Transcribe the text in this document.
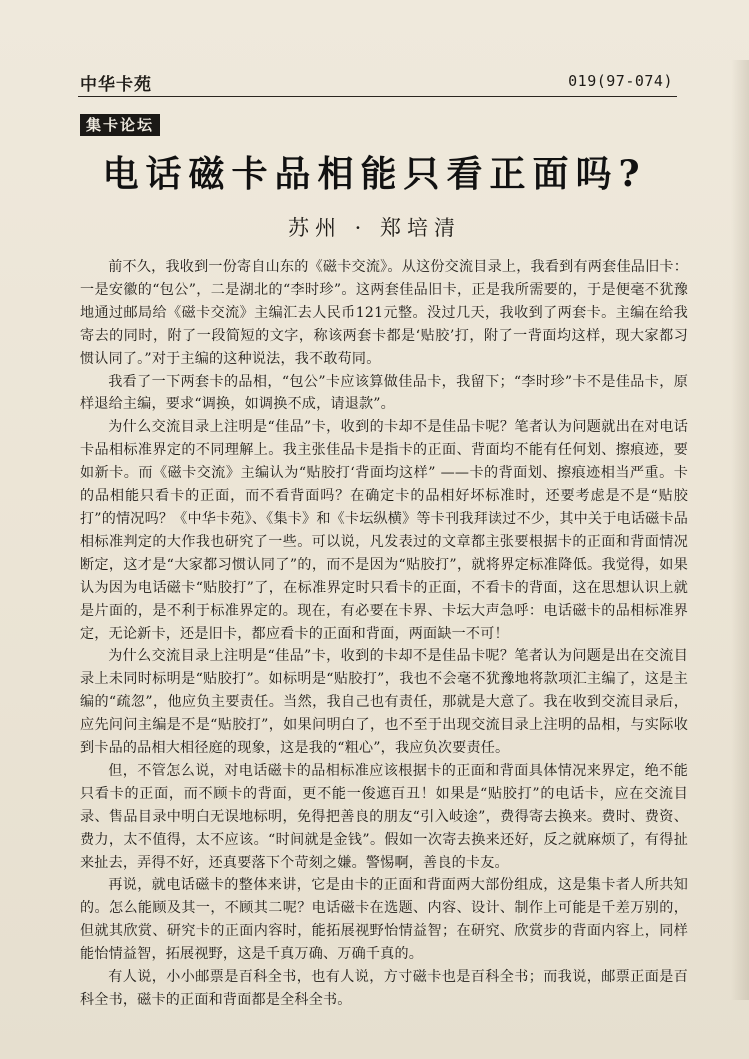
中华卡苑	019(97-074)
集卡论坛
电话磁卡品相能只看正面吗?
苏州 · 郑培清

前不久，我收到一份寄自山东的《磁卡交流》。从这份交流目录上，我看到有两套佳品旧卡：一是安徽的“包公”，二是湖北的“李时珍”。这两套佳品旧卡，正是我所需要的，于是便毫不犹豫地通过邮局给《磁卡交流》主编汇去人民币121元整。没过几天，我收到了两套卡。主编在给我寄去的同时，附了一段简短的文字，称该两套卡都是‘贴胶’打，附了一背面均这样，现大家都习惯认同了。”对于主编的这种说法，我不敢苟同。

我看了一下两套卡的品相，“包公”卡应该算做佳品卡，我留下；“李时珍”卡不是佳品卡，原样退给主编，要求“调换，如调换不成，请退款”。

为什么交流目录上注明是“佳品”卡，收到的卡却不是佳品卡呢？笔者认为问题就出在对电话卡品相标准界定的不同理解上。我主张佳品卡是指卡的正面、背面均不能有任何划、擦痕迹，要如新卡。而《磁卡交流》主编认为“贴胶打‘背面均这样” ——卡的背面划、擦痕迹相当严重。卡的品相能只看卡的正面，而不看背面吗？在确定卡的品相好坏标准时，还要考虑是不是“贴胶打”的情况吗？《中华卡苑》、《集卡》和《卡坛纵横》等卡刊我拜读过不少，其中关于电话磁卡品相标准判定的大作我也研究了一些。可以说，凡发表过的文章都主张要根据卡的正面和背面情况断定，这才是“大家都习惯认同了”的，而不是因为“贴胶打”，就将界定标准降低。我觉得，如果认为因为电话磁卡“贴胶打”了，在标准界定时只看卡的正面，不看卡的背面，这在思想认识上就是片面的，是不利于标准界定的。现在，有必要在卡界、卡坛大声急呼：电话磁卡的品相标准界定，无论新卡，还是旧卡，都应看卡的正面和背面，两面缺一不可！

为什么交流目录上注明是“佳品”卡，收到的卡却不是佳品卡呢？笔者认为问题是出在交流目录上未同时标明是“贴胶打”。如标明是“贴胶打”，我也不会毫不犹豫地将款项汇主编了，这是主编的“疏忽”，他应负主要责任。当然，我自己也有责任，那就是大意了。我在收到交流目录后，应先问问主编是不是“贴胶打”，如果问明白了，也不至于出现交流目录上注明的品相，与实际收到卡品的品相大相径庭的现象，这是我的“粗心”，我应负次要责任。

但，不管怎么说，对电话磁卡的品相标准应该根据卡的正面和背面具体情况来界定，绝不能只看卡的正面，而不顾卡的背面，更不能一俊遮百丑！如果是“贴胶打”的电话卡，应在交流目录、售品目录中明白无误地标明，免得把善良的朋友“引入岐途”，费得寄去换来。费时、费资、费力，太不值得，太不应该。“时间就是金钱”。假如一次寄去换来还好，反之就麻烦了，有得扯来扯去，弄得不好，还真要落下个苛刻之嫌。警惕啊，善良的卡友。

再说，就电话磁卡的整体来讲，它是由卡的正面和背面两大部份组成，这是集卡者人所共知的。怎么能顾及其一，不顾其二呢？电话磁卡在选题、内容、设计、制作上可能是千差万别的，但就其欣赏、研究卡的正面内容时，能拓展视野怡情益智；在研究、欣赏步的背面内容上，同样能怡情益智，拓展视野，这是千真万确、万确千真的。

有人说，小小邮票是百科全书，也有人说，方寸磁卡也是百科全书；而我说，邮票正面是百科全书，磁卡的正面和背面都是全科全书。
